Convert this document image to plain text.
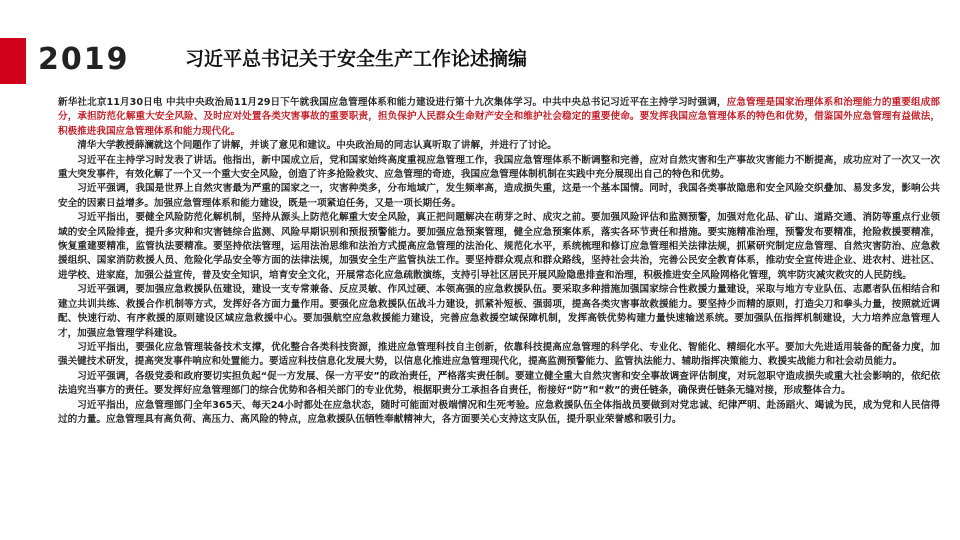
2019	习近平总书记关于安全生产工作论述摘编

新华社北京11月30日电 中共中央政治局11月29日下午就我国应急管理体系和能力建设进行第十九次集体学习。中共中央总书记习近平在主持学习时强调，应急管理是国家治理体系和治理能力的重要组成部分，承担防范化解重大安全风险、及时应对处置各类灾害事故的重要职责，担负保护人民群众生命财产安全和维护社会稳定的重要使命。要发挥我国应急管理体系的特色和优势，借鉴国外应急管理有益做法，积极推进我国应急管理体系和能力现代化。

清华大学教授薛澜就这个问题作了讲解，并谈了意见和建议。中央政治局的同志认真听取了讲解，并进行了讨论。

习近平在主持学习时发表了讲话。他指出，新中国成立后，党和国家始终高度重视应急管理工作，我国应急管理体系不断调整和完善，应对自然灾害和生产事故灾害能力不断提高，成功应对了一次又一次重大突发事件，有效化解了一个又一个重大安全风险，创造了许多抢险救灾、应急管理的奇迹，我国应急管理体制机制在实践中充分展现出自己的特色和优势。

习近平强调，我国是世界上自然灾害最为严重的国家之一，灾害种类多，分布地域广，发生频率高，造成损失重，这是一个基本国情。同时，我国各类事故隐患和安全风险交织叠加、易发多发，影响公共安全的因素日益增多。加强应急管理体系和能力建设，既是一项紧迫任务，又是一项长期任务。

习近平指出，要健全风险防范化解机制，坚持从源头上防范化解重大安全风险，真正把问题解决在萌芽之时、成灾之前。要加强风险评估和监测预警，加强对危化品、矿山、道路交通、消防等重点行业领域的安全风险排查，提升多灾种和灾害链综合监测、风险早期识别和预报预警能力。要加强应急预案管理，健全应急预案体系，落实各环节责任和措施。要实施精准治理，预警发布要精准，抢险救援要精准，恢复重建要精准，监管执法要精准。要坚持依法管理，运用法治思维和法治方式提高应急管理的法治化、规范化水平，系统梳理和修订应急管理相关法律法规，抓紧研究制定应急管理、自然灾害防治、应急救援组织、国家消防救援人员、危险化学品安全等方面的法律法规，加强安全生产监管执法工作。要坚持群众观点和群众路线，坚持社会共治，完善公民安全教育体系，推动安全宣传进企业、进农村、进社区、进学校、进家庭，加强公益宣传，普及安全知识，培育安全文化，开展常态化应急疏散演练，支持引导社区居民开展风险隐患排查和治理，积极推进安全风险网格化管理，筑牢防灾减灾救灾的人民防线。

习近平强调，要加强应急救援队伍建设，建设一支专常兼备、反应灵敏、作风过硬、本领高强的应急救援队伍。要采取多种措施加强国家综合性救援力量建设，采取与地方专业队伍、志愿者队伍相结合和建立共训共练、救援合作机制等方式，发挥好各方面力量作用。要强化应急救援队伍战斗力建设，抓紧补短板、强弱项，提高各类灾害事故救援能力。要坚持少而精的原则，打造尖刀和拳头力量，按照就近调配、快速行动、有序救援的原则建设区域应急救援中心。要加强航空应急救援能力建设，完善应急救援空域保障机制，发挥高铁优势构建力量快速输送系统。要加强队伍指挥机制建设，大力培养应急管理人才，加强应急管理学科建设。

习近平指出，要强化应急管理装备技术支撑，优化整合各类科技资源，推进应急管理科技自主创新，依靠科技提高应急管理的科学化、专业化、智能化、精细化水平。要加大先进适用装备的配备力度，加强关键技术研发，提高突发事件响应和处置能力。要适应科技信息化发展大势，以信息化推进应急管理现代化，提高监测预警能力、监管执法能力、辅助指挥决策能力、救援实战能力和社会动员能力。

习近平强调，各级党委和政府要切实担负起“促一方发展、保一方平安”的政治责任，严格落实责任制。要建立健全重大自然灾害和安全事故调查评估制度，对玩忽职守造成损失或重大社会影响的，依纪依法追究当事方的责任。要发挥好应急管理部门的综合优势和各相关部门的专业优势，根据职责分工承担各自责任，衔接好“防”和“救”的责任链条，确保责任链条无缝对接，形成整体合力。

习近平指出，应急管理部门全年365天、每天24小时都处在应急状态，随时可能面对极端情况和生死考验。应急救援队伍全体指战员要做到对党忠诚、纪律严明、赴汤蹈火、竭诚为民，成为党和人民信得过的力量。应急管理具有高负荷、高压力、高风险的特点，应急救援队伍牺牲奉献精神大，各方面要关心支持这支队伍，提升职业荣誉感和吸引力。
